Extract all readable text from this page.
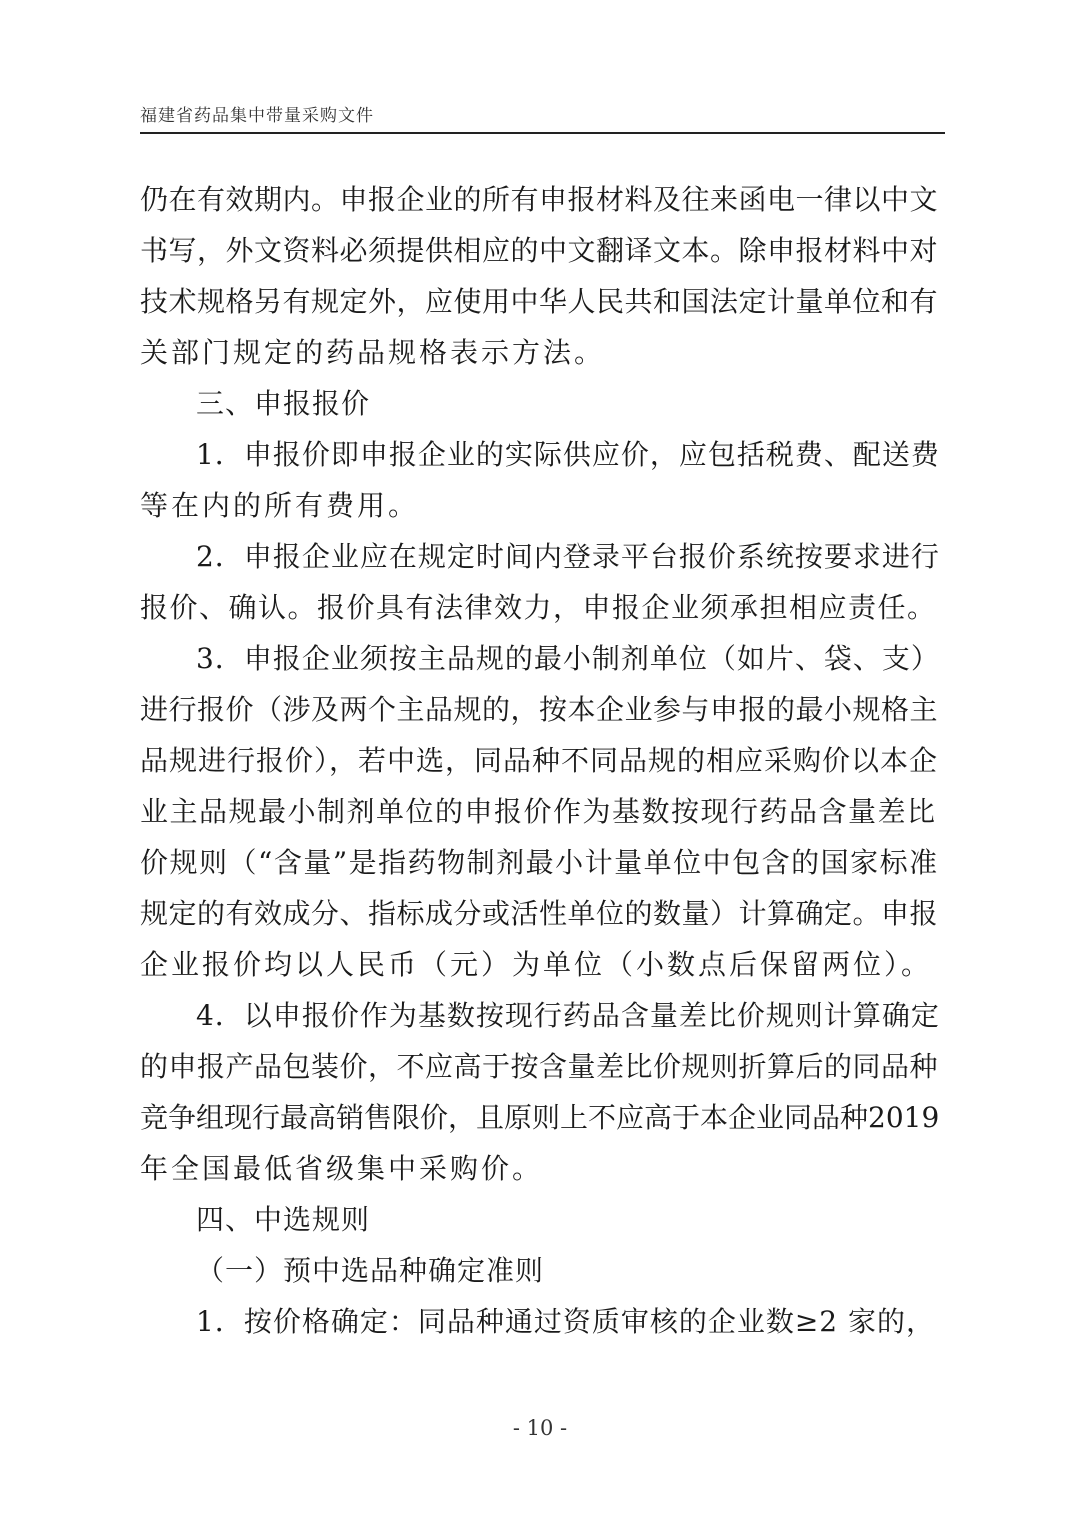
福建省药品集中带量采购文件
仍在有效期内。申报企业的所有申报材料及往来函电一律以中文
书写，外文资料必须提供相应的中文翻译文本。除申报材料中对
技术规格另有规定外，应使用中华人民共和国法定计量单位和有
关部门规定的药品规格表示方法。
三、申报报价
1．申报价即申报企业的实际供应价，应包括税费、配送费
等在内的所有费用。
2．申报企业应在规定时间内登录平台报价系统按要求进行
报价、确认。报价具有法律效力，申报企业须承担相应责任。
3．申报企业须按主品规的最小制剂单位（如片、袋、支）
进行报价（涉及两个主品规的，按本企业参与申报的最小规格主
品规进行报价），若中选，同品种不同品规的相应采购价以本企
业主品规最小制剂单位的申报价作为基数按现行药品含量差比
价规则（“含量”是指药物制剂最小计量单位中包含的国家标准
规定的有效成分、指标成分或活性单位的数量）计算确定。申报
企业报价均以人民币（元）为单位（小数点后保留两位）。
4．以申报价作为基数按现行药品含量差比价规则计算确定
的申报产品包装价，不应高于按含量差比价规则折算后的同品种
竞争组现行最高销售限价，且原则上不应高于本企业同品种2019
年全国最低省级集中采购价。
四、中选规则
（一）预中选品种确定准则
1．按价格确定：同品种通过资质审核的企业数≥2 家的，
- 10 -
